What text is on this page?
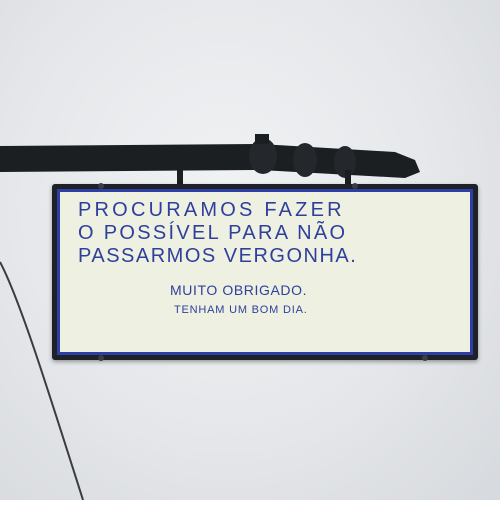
PROCURAMOS FAZER
O POSSÍVEL PARA NÃO
PASSARMOS VERGONHA.
MUITO OBRIGADO.
TENHAM UM BOM DIA.
